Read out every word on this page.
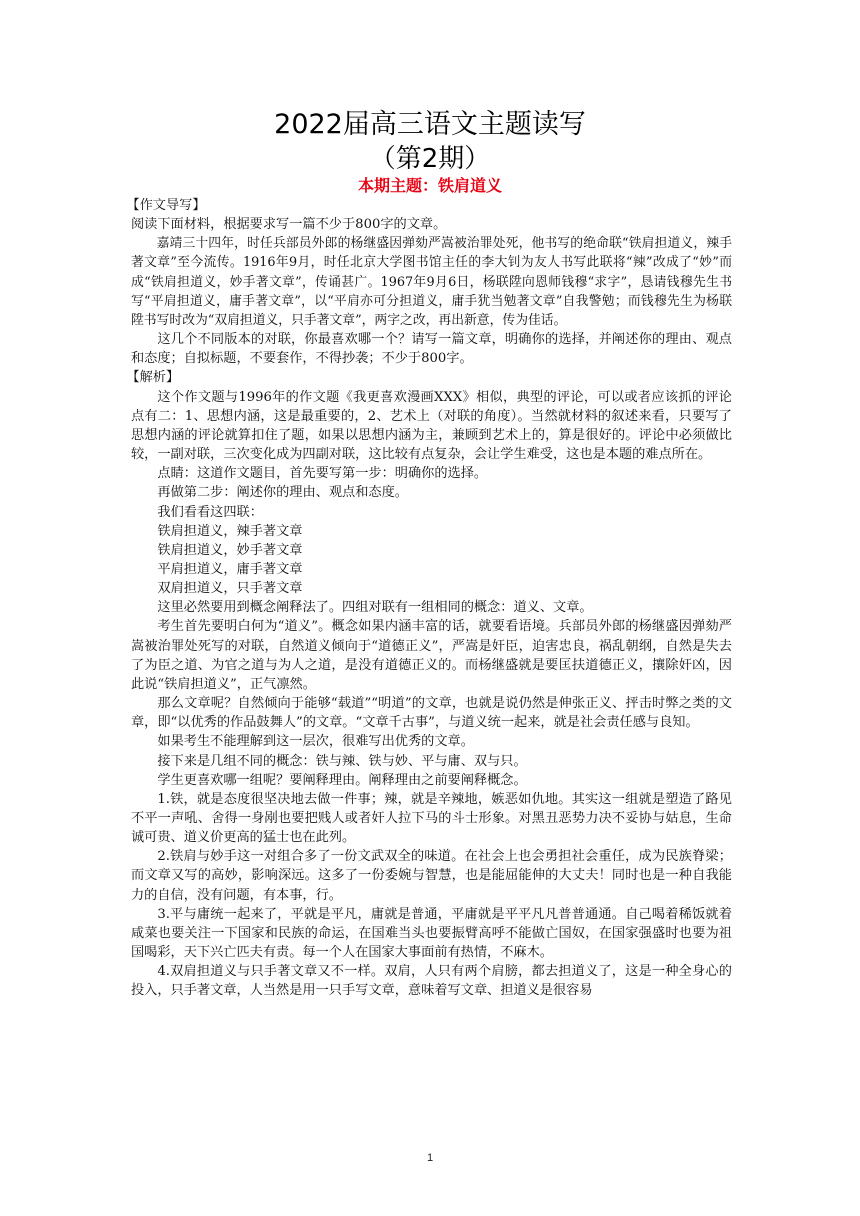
2022届高三语文主题读写
（第2期）
本期主题：铁肩道义

【作文导写】

阅读下面材料，根据要求写一篇不少于800字的文章。

嘉靖三十四年，时任兵部员外郎的杨继盛因弹劾严嵩被治罪处死，他书写的绝命联“铁肩担道义，辣手著文章”至今流传。1916年9月，时任北京大学图书馆主任的李大钊为友人书写此联将“辣”改成了“妙”而成“铁肩担道义，妙手著文章”，传诵甚广。1967年9月6日，杨联陞向恩师钱穆“求字”，恳请钱穆先生书写“平肩担道义，庸手著文章”，以“平肩亦可分担道义，庸手犹当勉著文章”自我警勉；而钱穆先生为杨联陞书写时改为“双肩担道义，只手著文章”，两字之改，再出新意，传为佳话。

这几个不同版本的对联，你最喜欢哪一个？请写一篇文章，明确你的选择，并阐述你的理由、观点和态度；自拟标题，不要套作，不得抄袭；不少于800字。

【解析】

这个作文题与1996年的作文题《我更喜欢漫画XXX》相似，典型的评论，可以或者应该抓的评论点有二：1、思想内涵，这是最重要的，2、艺术上（对联的角度）。当然就材料的叙述来看，只要写了思想内涵的评论就算扣住了题，如果以思想内涵为主，兼顾到艺术上的，算是很好的。评论中必须做比较，一副对联，三次变化成为四副对联，这比较有点复杂，会让学生难受，这也是本题的难点所在。

点睛：这道作文题目，首先要写第一步：明确你的选择。

再做第二步：阐述你的理由、观点和态度。

我们看看这四联：

铁肩担道义，辣手著文章

铁肩担道义，妙手著文章

平肩担道义，庸手著文章

双肩担道义，只手著文章

这里必然要用到概念阐释法了。四组对联有一组相同的概念：道义、文章。

考生首先要明白何为“道义”。概念如果内涵丰富的话，就要看语境。兵部员外郎的杨继盛因弹劾严嵩被治罪处死写的对联，自然道义倾向于“道德正义”，严嵩是奸臣，迫害忠良，祸乱朝纲，自然是失去了为臣之道、为官之道与为人之道，是没有道德正义的。而杨继盛就是要匡扶道德正义，攘除奸凶，因此说“铁肩担道义”，正气凛然。

那么文章呢？自然倾向于能够“载道”“明道”的文章，也就是说仍然是伸张正义、抨击时弊之类的文章，即“以优秀的作品鼓舞人”的文章。“文章千古事”，与道义统一起来，就是社会责任感与良知。

如果考生不能理解到这一层次，很难写出优秀的文章。

接下来是几组不同的概念：铁与辣、铁与妙、平与庸、双与只。

学生更喜欢哪一组呢？要阐释理由。阐释理由之前要阐释概念。

1.铁，就是态度很坚决地去做一件事；辣，就是辛辣地，嫉恶如仇地。其实这一组就是塑造了路见不平一声吼、舍得一身剐也要把贱人或者奸人拉下马的斗士形象。对黑丑恶势力决不妥协与姑息，生命诚可贵、道义价更高的猛士也在此列。

2.铁肩与妙手这一对组合多了一份文武双全的味道。在社会上也会勇担社会重任，成为民族脊梁；而文章又写的高妙，影响深远。这多了一份委婉与智慧，也是能屈能伸的大丈夫！同时也是一种自我能力的自信，没有问题，有本事，行。

3.平与庸统一起来了，平就是平凡，庸就是普通，平庸就是平平凡凡普普通通。自己喝着稀饭就着咸菜也要关注一下国家和民族的命运，在国难当头也要振臂高呼不能做亡国奴，在国家强盛时也要为祖国喝彩，天下兴亡匹夫有责。每一个人在国家大事面前有热情，不麻木。

4.双肩担道义与只手著文章又不一样。双肩，人只有两个肩膀，都去担道义了，这是一种全身心的投入，只手著文章，人当然是用一只手写文章，意味着写文章、担道义是很容易

1
